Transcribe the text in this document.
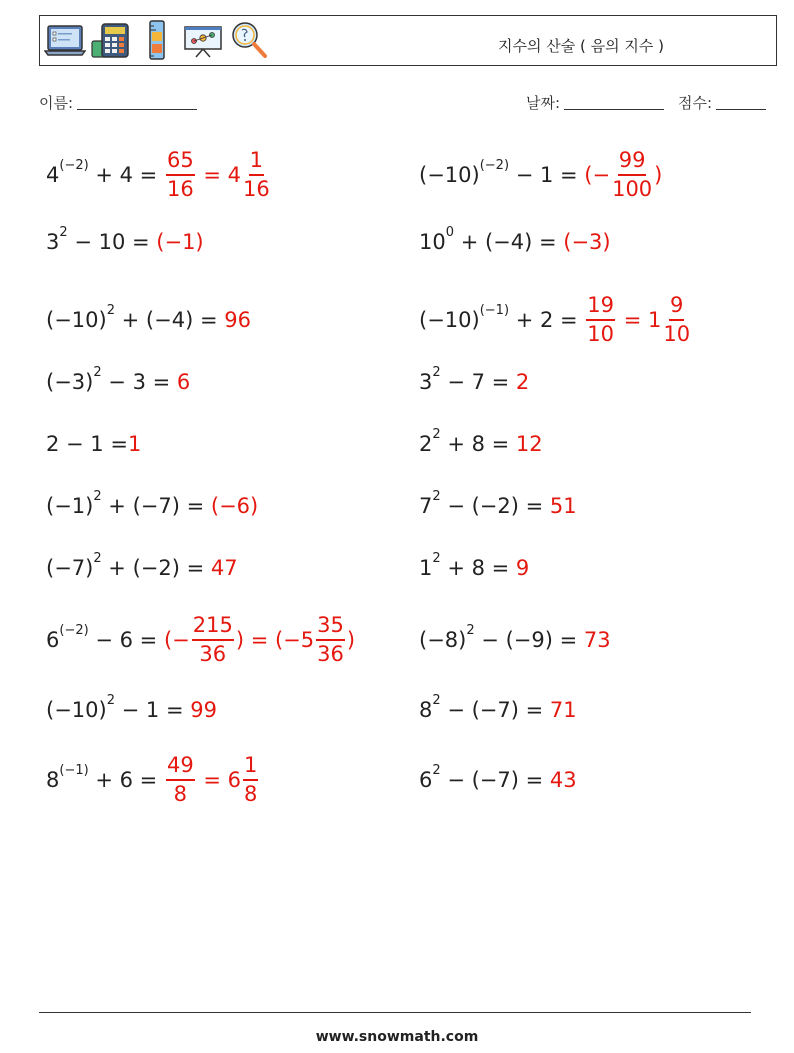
지수의 산술 ( 음의 지수 )
이름:	날짜:	점수:
$4^{(-2)} + 4 = \frac{65}{16} = 4 \frac{1}{16}$	$(-10)^{(-2)} - 1$ = (− $\frac{99}{100}$ )
$3^2 - 10 = (-1)$	$10^0 + (-4) = (-3)$
$(-10)^2 + (-4) = 96$	$(-10)^{(-1)} + 2 = \frac{19}{10} = 1 \frac{9}{10}$
$(-3)^2 - 3 = 6$	$3^2 - 7 = 2$
2 − 1 = 1	$2^2 + 8 = 12$
$(-1)^2 + (-7) = (-6)$	$7^2 - (-2) = 51$
$(-7)^2 + (-2) = 47$	$1^2 + 8 = 9$
$6^{(-2)} - 6$ = (− $\frac{215}{36}$ ) = ($-5 \frac{35}{36}$ )	$(-8)^2 - (-9) = 73$
$(-10)^2 - 1 = 99$	$8^2 - (-7) = 71$
$8^{(-1)} + 6 = \frac{49}{8} = 6 \frac{1}{8}$	$6^2 - (-7) = 43$
www.snowmath.com
